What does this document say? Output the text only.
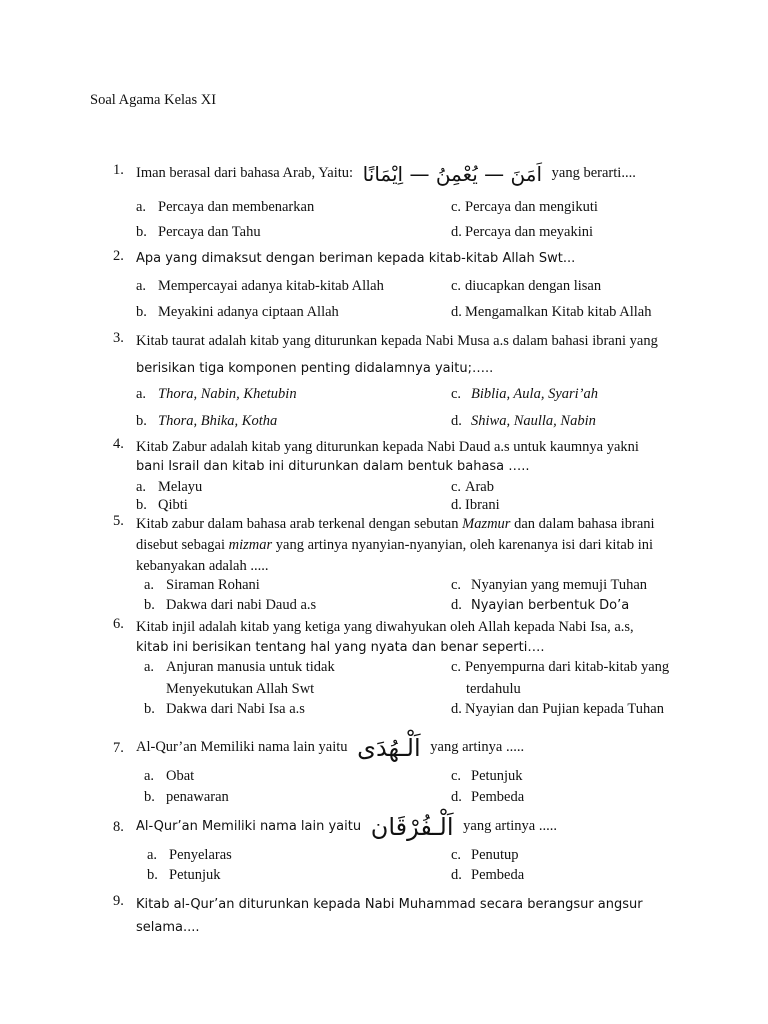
Soal Agama Kelas XI
1. Iman berasal dari bahasa Arab, Yaitu: اَمَنَ — يُعْمِنُ — اِيْمَانًا yang berarti....
a. Percaya dan membenarkan
b. Percaya dan Tahu
c. Percaya dan mengikuti
d. Percaya dan meyakini
2. Apa yang dimaksut dengan beriman kepada kitab-kitab Allah Swt...
a. Mempercayai adanya kitab-kitab Allah
b. Meyakini adanya ciptaan Allah
c. diucapkan dengan lisan
d. Mengamalkan Kitab kitab Allah
3. Kitab taurat adalah kitab yang diturunkan kepada Nabi Musa a.s dalam bahasi ibrani yang
berisikan tiga komponen penting didalamnya yaitu;…..
a. Thora, Nabin, Khetubin
b. Thora, Bhika, Kotha
c. Biblia, Aula, Syari’ah
d. Shiwa, Naulla, Nabin
4. Kitab Zabur adalah kitab yang diturunkan kepada Nabi Daud a.s untuk kaumnya yakni
bani Israil dan kitab ini diturunkan dalam bentuk bahasa …..
a. Melayu
b. Qibti
c. Arab
d. Ibrani
5. Kitab zabur dalam bahasa arab terkenal dengan sebutan Mazmur dan dalam bahasa ibrani
disebut sebagai mizmar yang artinya nyanyian-nyanyian, oleh karenanya isi dari kitab ini
kebanyakan adalah .....
a. Siraman Rohani
b. Dakwa dari nabi Daud a.s
c. Nyanyian yang memuji Tuhan
d. Nyayian berbentuk Do’a
6. Kitab injil adalah kitab yang ketiga yang diwahyukan oleh Allah kepada Nabi Isa, a.s,
kitab ini berisikan tentang hal yang nyata dan benar seperti….
a. Anjuran manusia untuk tidak
Menyekutukan Allah Swt
b. Dakwa dari Nabi Isa a.s
c. Penyempurna dari kitab-kitab yang
terdahulu
d. Nyayian dan Pujian kepada Tuhan
7. Al-Qur’an Memiliki nama lain yaitu اَلْـهُدَى yang artinya .....
a. Obat
b. penawaran
c. Petunjuk
d. Pembeda
8. Al-Qur’an Memiliki nama lain yaitu اَلْـفُرْقَان yang artinya .....
a. Penyelaras
b. Petunjuk
c. Penutup
d. Pembeda
9. Kitab al-Qur’an diturunkan kepada Nabi Muhammad secara berangsur angsur selama....
